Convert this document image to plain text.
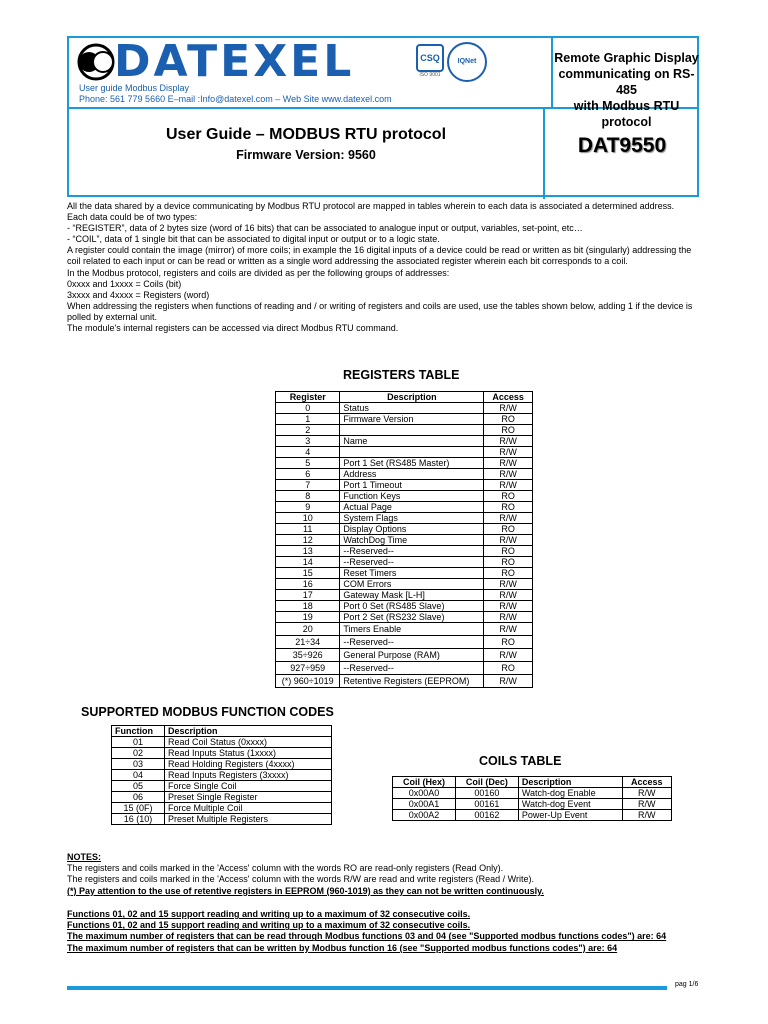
DATEXEL
User guide Modbus Display
Phone: 561 779 5660 E–mail :Info@datexel.com – Web Site www.datexel.com
CSQ
ISO 9001
IQNet	Remote Graphic Display
communicating on RS-485
with Modbus RTU protocol
User Guide – MODBUS RTU protocol
Firmware Version: 9560	DAT9550

All the data shared by a device communicating by Modbus RTU protocol are mapped in tables wherein to each data is associated a determined address.

Each data could be of two types:

- “REGISTER”, data of 2 bytes size (word of 16 bits) that can be associated to analogue input or output, variables, set-point, etc…

- “COIL”, data of 1 single bit that can be associated to digital input or output or to a logic state.

A register could contain the image (mirror) of more coils; in example the 16 digital inputs of a device could be read or written as bit (singularly) addressing the coil related to each input or can be read or written as a single word addressing the associated register wherein each bit corresponds to a coil.

In the Modbus protocol, registers and coils are divided as per the following groups of addresses:

0xxxx and 1xxxx = Coils (bit)

3xxxx and 4xxxx = Registers (word)

When addressing the registers when functions of reading and / or writing of registers and coils are used, use the tables shown below, adding 1 if the device is polled by external unit.

The module's internal registers can be accessed via direct Modbus RTU command.

REGISTERS TABLE
Register	Description	Access
0	Status	R/W
1	Firmware Version	RO
2		RO
3	Name	R/W
4		R/W
5	Port 1 Set (RS485 Master)	R/W
6	Address	R/W
7	Port 1 Timeout	R/W
8	Function Keys	RO
9	Actual Page	RO
10	System Flags	R/W
11	Display Options	RO
12	WatchDog Time	R/W
13	--Reserved--	RO
14	--Reserved--	RO
15	Reset Timers	RO
16	COM Errors	R/W
17	Gateway Mask [L-H]	R/W
18	Port 0 Set (RS485 Slave)	R/W
19	Port 2 Set (RS232 Slave)	R/W
20	Timers Enable	R/W
21÷34	--Reserved--	RO
35÷926	General Purpose (RAM)	R/W
927÷959	--Reserved--	RO
(*) 960÷1019	Retentive Registers (EEPROM)	R/W
SUPPORTED MODBUS FUNCTION CODES
Function	Description
01	Read Coil Status (0xxxx)
02	Read Inputs Status (1xxxx)
03	Read Holding Registers (4xxxx)
04	Read Inputs Registers (3xxxx)
05	Force Single Coil
06	Preset Single Register
15 (0F)	Force Multiple Coil
16 (10)	Preset Multiple Registers
COILS TABLE
Coil (Hex)	Coil (Dec)	Description	Access
0x00A0	00160	Watch-dog Enable	R/W
0x00A1	00161	Watch-dog Event	R/W
0x00A2	00162	Power-Up Event	R/W

NOTES:

The registers and coils marked in the 'Access' column with the words RO are read-only registers (Read Only).

The registers and coils marked in the 'Access' column with the words R/W are read and write registers (Read / Write).

(*) Pay attention to the use of retentive registers in EEPROM (960-1019) as they can not be written continuously.

Functions 01, 02 and 15 support reading and writing up to a maximum of 32 consecutive coils.

Functions 01, 02 and 15 support reading and writing up to a maximum of 32 consecutive coils.

The maximum number of registers that can be read through Modbus functions 03 and 04 (see "Supported modbus functions codes") are: 64

The maximum number of registers that can be written by Modbus function 16 (see "Supported modbus functions codes") are: 64

pag 1/6
